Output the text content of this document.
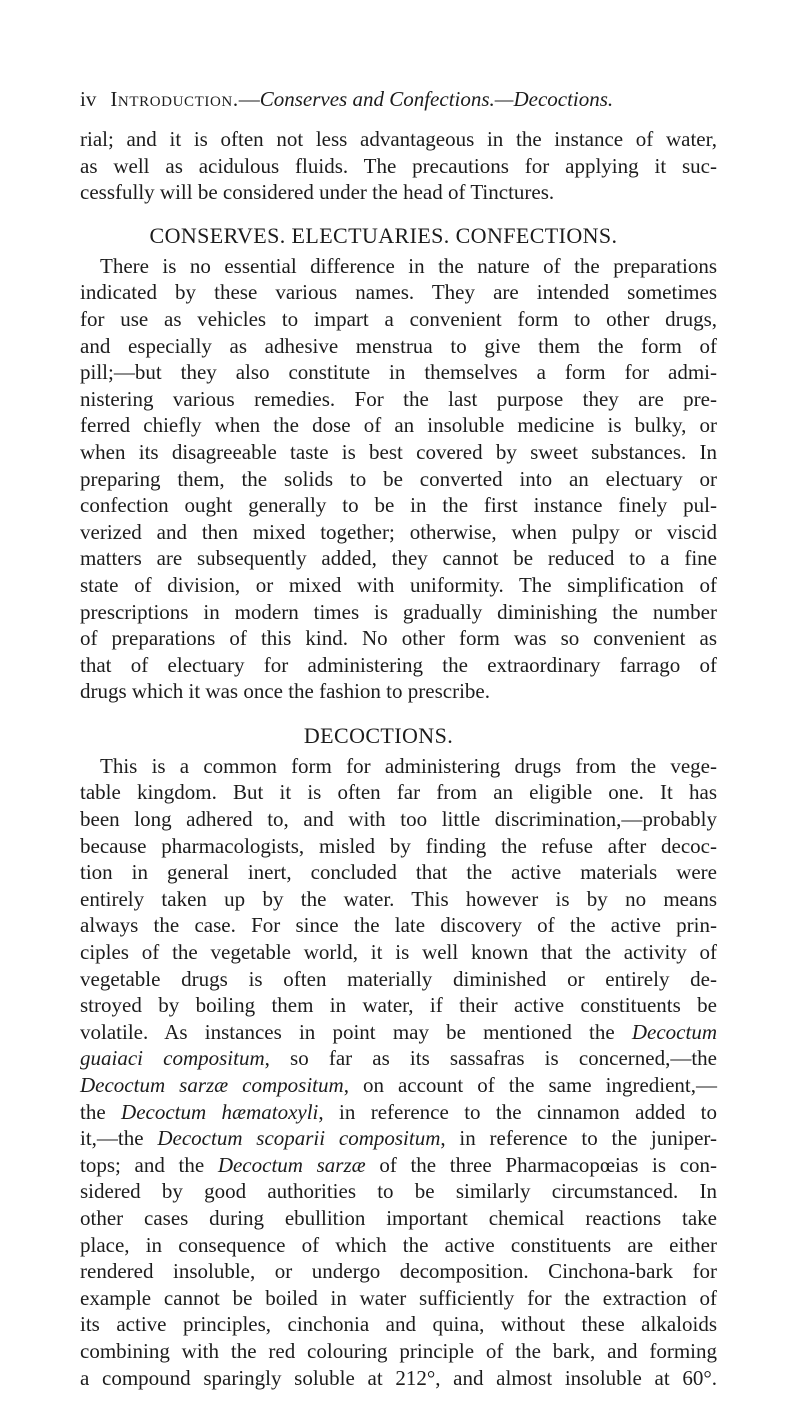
iv Introduction.—Conserves and Confections.—Decoctions.
rial; and it is often not less advantageous in the instance of water,
as well as acidulous fluids. The precautions for applying it suc-
cessfully will be considered under the head of Tinctures.
CONSERVES. ELECTUARIES. CONFECTIONS.
There is no essential difference in the nature of the preparations
indicated by these various names. They are intended sometimes
for use as vehicles to impart a convenient form to other drugs,
and especially as adhesive menstrua to give them the form of
pill;—but they also constitute in themselves a form for admi-
nistering various remedies. For the last purpose they are pre-
ferred chiefly when the dose of an insoluble medicine is bulky, or
when its disagreeable taste is best covered by sweet substances. In
preparing them, the solids to be converted into an electuary or
confection ought generally to be in the first instance finely pul-
verized and then mixed together; otherwise, when pulpy or viscid
matters are subsequently added, they cannot be reduced to a fine
state of division, or mixed with uniformity. The simplification of
prescriptions in modern times is gradually diminishing the number
of preparations of this kind. No other form was so convenient as
that of electuary for administering the extraordinary farrago of
drugs which it was once the fashion to prescribe.
DECOCTIONS.
This is a common form for administering drugs from the vege-
table kingdom. But it is often far from an eligible one. It has
been long adhered to, and with too little discrimination,—probably
because pharmacologists, misled by finding the refuse after decoc-
tion in general inert, concluded that the active materials were
entirely taken up by the water. This however is by no means
always the case. For since the late discovery of the active prin-
ciples of the vegetable world, it is well known that the activity of
vegetable drugs is often materially diminished or entirely de-
stroyed by boiling them in water, if their active constituents be
volatile. As instances in point may be mentioned the Decoctum
guaiaci compositum, so far as its sassafras is concerned,—the
Decoctum sarzæ compositum, on account of the same ingredient,—
the Decoctum hæmatoxyli, in reference to the cinnamon added to
it,—the Decoctum scoparii compositum, in reference to the juniper-
tops; and the Decoctum sarzæ of the three Pharmacopœias is con-
sidered by good authorities to be similarly circumstanced. In
other cases during ebullition important chemical reactions take
place, in consequence of which the active constituents are either
rendered insoluble, or undergo decomposition. Cinchona-bark for
example cannot be boiled in water sufficiently for the extraction of
its active principles, cinchonia and quina, without these alkaloids
combining with the red colouring principle of the bark, and forming
a compound sparingly soluble at 212°, and almost insoluble at 60°.
